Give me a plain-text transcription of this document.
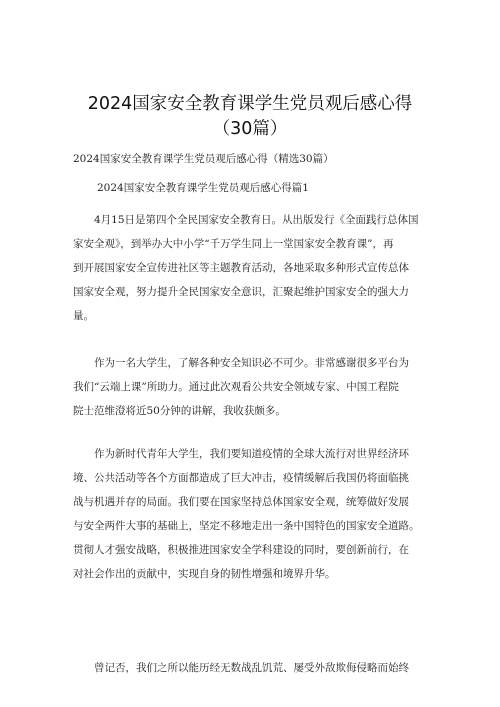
2024国家安全教育课学生党员观后感心得
（30篇）
2024国家安全教育课学生党员观后感心得（精选30篇）
2024国家安全教育课学生党员观后感心得篇1
4月15日是第四个全民国家安全教育日。从出版发行《全面践行总体国
家安全观》，到举办大中小学“千万学生同上一堂国家安全教育课”，再
到开展国家安全宣传进社区等主题教育活动，各地采取多种形式宣传总体
国家安全观，努力提升全民国家安全意识，汇聚起维护国家安全的强大力
量。
作为一名大学生，了解各种安全知识必不可少。非常感谢很多平台为
我们“云端上课”所助力。通过此次观看公共安全领域专家、中国工程院
院士范维澄将近50分钟的讲解，我收获颇多。
作为新时代青年大学生，我们要知道疫情的全球大流行对世界经济环
境、公共活动等各个方面都造成了巨大冲击，疫情缓解后我国仍将面临挑
战与机遇并存的局面。我们要在国家坚持总体国家安全观，统筹做好发展
与安全两件大事的基础上，坚定不移地走出一条中国特色的国家安全道路。
贯彻人才强安战略，积极推进国家安全学科建设的同时，要创新前行，在
对社会作出的贡献中，实现自身的韧性增强和境界升华。
曾记否，我们之所以能历经无数战乱饥荒、屡受外敌欺侮侵略而始终
